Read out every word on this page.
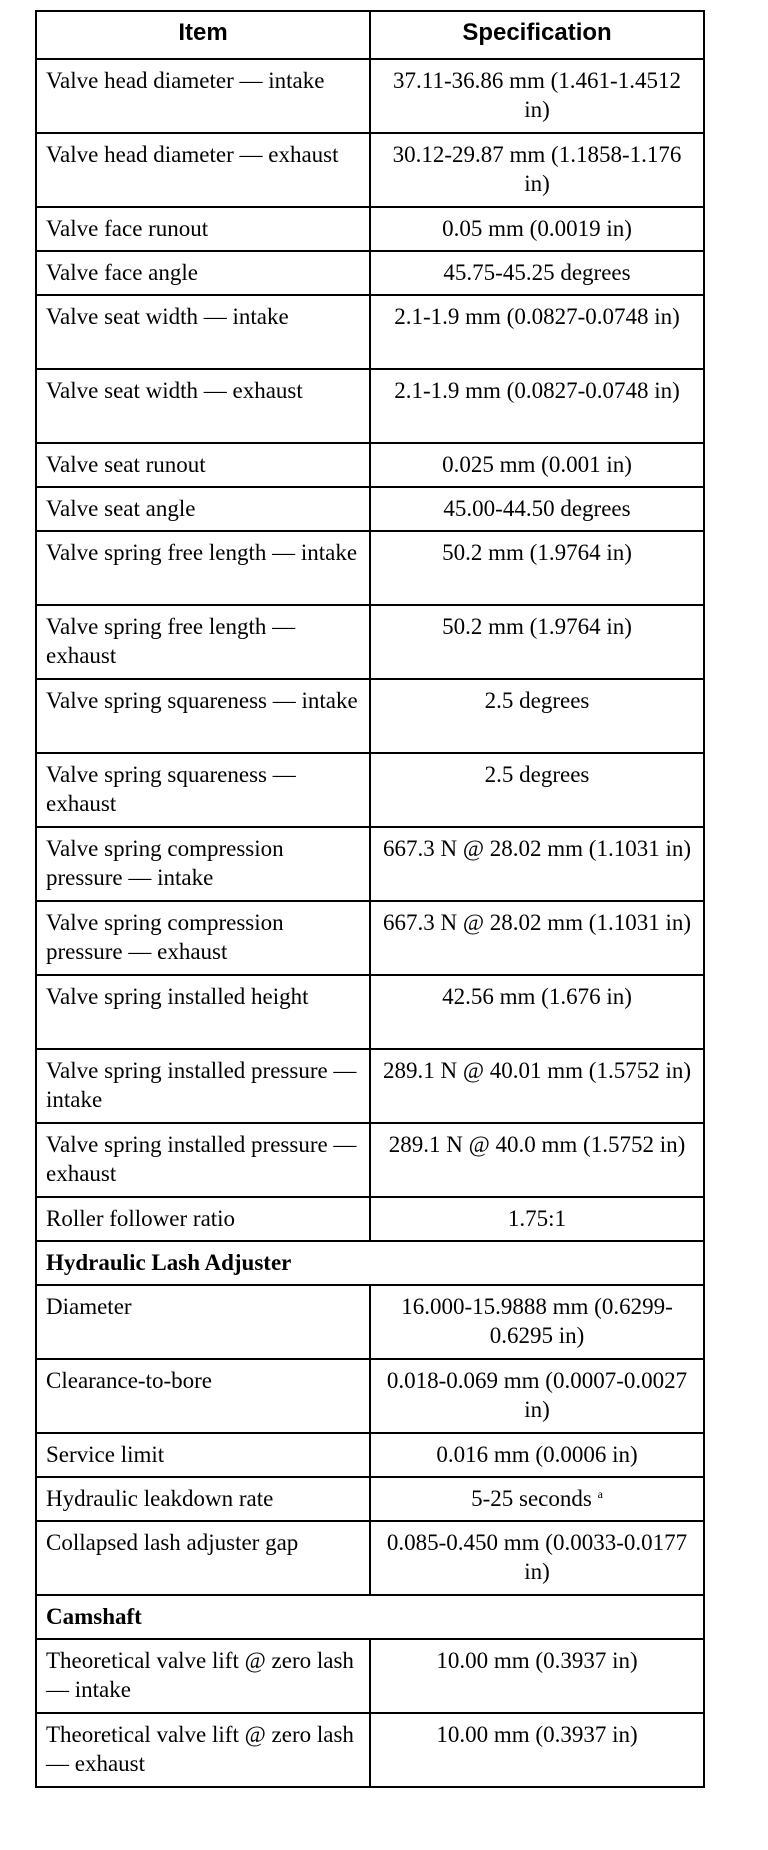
Item	Specification
Valve head diameter — intake	37.11-36.86 mm (1.461-1.4512 in)
Valve head diameter — exhaust	30.12-29.87 mm (1.1858-1.176 in)
Valve face runout	0.05 mm (0.0019 in)
Valve face angle	45.75-45.25 degrees
Valve seat width — intake	2.1-1.9 mm (0.0827-0.0748 in)
Valve seat width — exhaust	2.1-1.9 mm (0.0827-0.0748 in)
Valve seat runout	0.025 mm (0.001 in)
Valve seat angle	45.00-44.50 degrees
Valve spring free length — intake	50.2 mm (1.9764 in)
Valve spring free length — exhaust	50.2 mm (1.9764 in)
Valve spring squareness — intake	2.5 degrees
Valve spring squareness — exhaust	2.5 degrees
Valve spring compression pressure — intake	667.3 N @ 28.02 mm (1.1031 in)
Valve spring compression pressure — exhaust	667.3 N @ 28.02 mm (1.1031 in)
Valve spring installed height	42.56 mm (1.676 in)
Valve spring installed pressure — intake	289.1 N @ 40.01 mm (1.5752 in)
Valve spring installed pressure — exhaust	289.1 N @ 40.0 mm (1.5752 in)
Roller follower ratio	1.75:1
Hydraulic Lash Adjuster	
Diameter	16.000-15.9888 mm (0.6299-0.6295 in)
Clearance-to-bore	0.018-0.069 mm (0.0007-0.0027 in)
Service limit	0.016 mm (0.0006 in)
Hydraulic leakdown rate	5-25 seconds $^a$
Collapsed lash adjuster gap	0.085-0.450 mm (0.0033-0.0177 in)
Camshaft	
Theoretical valve lift @ zero lash — intake	10.00 mm (0.3937 in)
Theoretical valve lift @ zero lash — exhaust	10.00 mm (0.3937 in)
